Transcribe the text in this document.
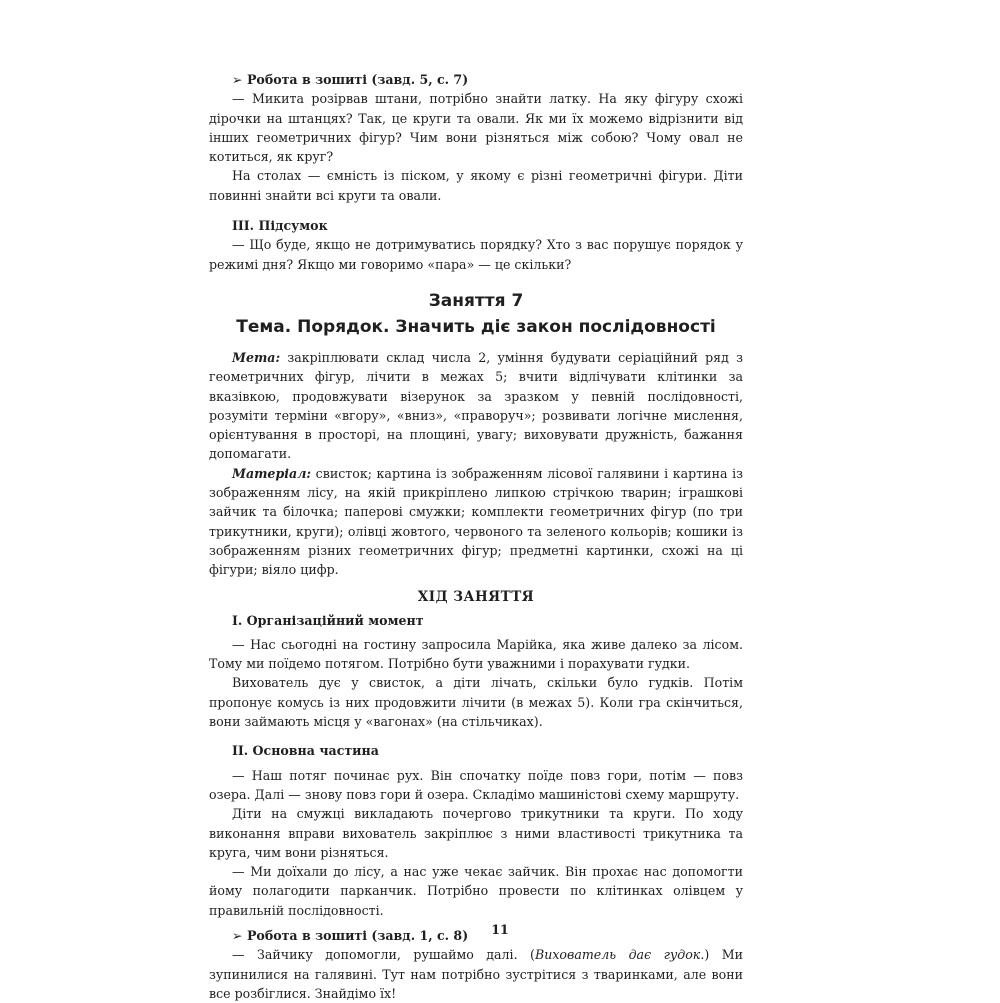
➢ Робота в зошиті (завд. 5, с. 7)

— Микита розірвав штани, потрібно знайти латку. На яку фігуру схожі дірочки на штанцях? Так, це круги та овали. Як ми їх можемо відрізнити від інших геометричних фігур? Чим вони різняться між собою? Чому овал не котиться, як круг?

На столах — ємність із піском, у якому є різні геометричні фігури. Діти повинні знайти всі круги та овали.

III. Підсумок

— Що буде, якщо не дотримуватись порядку? Хто з вас порушує порядок у режимі дня? Якщо ми говоримо «пара» — це скільки?

Заняття 7
Тема. Порядок. Значить діє закон послідовності

Мета: закріплювати склад числа 2, уміння будувати серіаційний ряд з геометричних фігур, лічити в межах 5; вчити відлічувати клітинки за вказівкою, продовжувати візерунок за зразком у певній послідовності, розуміти терміни «вгору», «вниз», «праворуч»; розвивати логічне мислення, орієнтування в просторі, на площині, увагу; виховувати дружність, бажання допомагати.

Матеріал: свисток; картина із зображенням лісової галявини і картина із зображенням лісу, на якій прикріплено липкою стрічкою тварин; іграшкові зайчик та білочка; паперові смужки; комплекти геометричних фігур (по три трикутники, круги); олівці жовтого, червоного та зеленого кольорів; кошики із зображенням різних геометричних фігур; предметні картинки, схожі на ці фігури; віяло цифр.

ХІД ЗАНЯТТЯ
I. Організаційний момент

— Нас сьогодні на гостину запросила Марійка, яка живе далеко за лісом. Тому ми поїдемо потягом. Потрібно бути уважними і порахувати гудки.

Вихователь дує у свисток, а діти лічать, скільки було гудків. Потім пропонує комусь із них продовжити лічити (в межах 5). Коли гра скінчиться, вони займають місця у «вагонах» (на стільчиках).

II. Основна частина

— Наш потяг починає рух. Він спочатку поїде повз гори, потім — повз озера. Далі — знову повз гори й озера. Складімо машиністові схему маршруту.

Діти на смужці викладають почергово трикутники та круги. По ходу виконання вправи вихователь закріплює з ними властивості трикутника та круга, чим вони різняться.

— Ми доїхали до лісу, а нас уже чекає зайчик. Він прохає нас допомогти йому полагодити парканчик. Потрібно провести по клітинках олівцем у правильній послідовності.

➢ Робота в зошиті (завд. 1, с. 8)

— Зайчику допомогли, рушаймо далі. (Вихователь дає гудок.) Ми зупинилися на галявині. Тут нам потрібно зустрітися з тваринками, але вони все розбіглися. Знайдімо їх!

11
